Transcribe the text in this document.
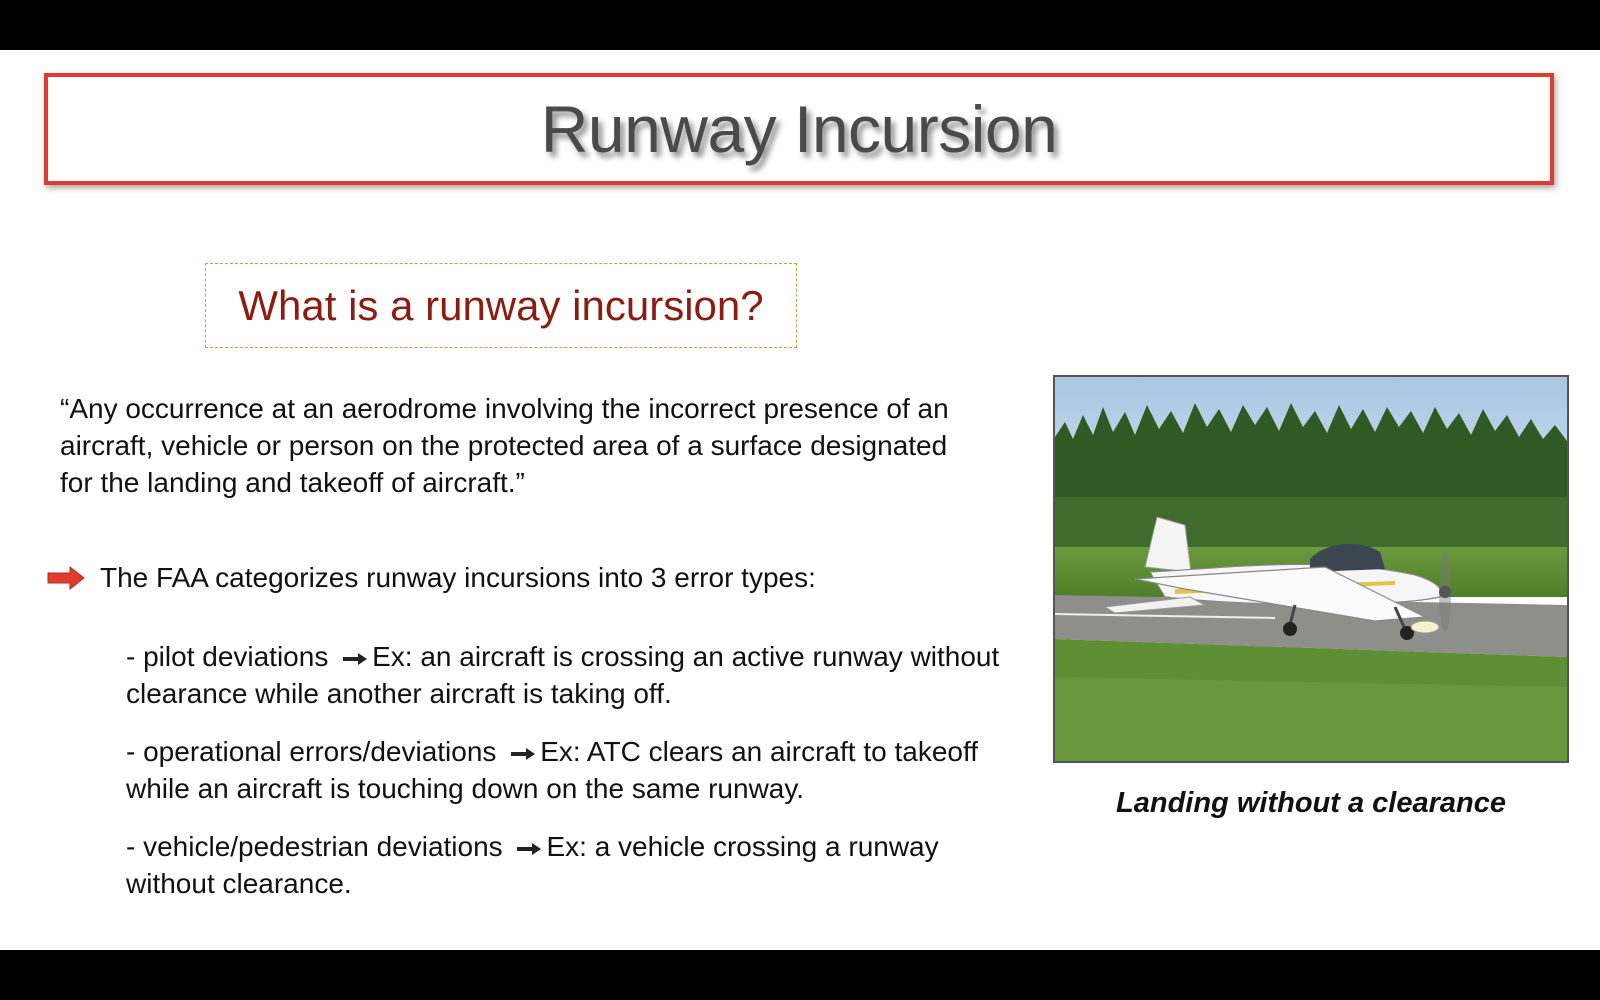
Runway Incursion
What is a runway incursion?
“Any occurrence at an aerodrome involving the incorrect presence of an aircraft, vehicle or person on the protected area of a surface designated for the landing and takeoff of aircraft.”
The FAA categorizes runway incursions into 3 error types:
- pilot deviations Ex: an aircraft is crossing an active runway without clearance while another aircraft is taking off.
- operational errors/deviations Ex: ATC clears an aircraft to takeoff while an aircraft is touching down on the same runway.
- vehicle/pedestrian deviations Ex: a vehicle crossing a runway without clearance.
Landing without a clearance
